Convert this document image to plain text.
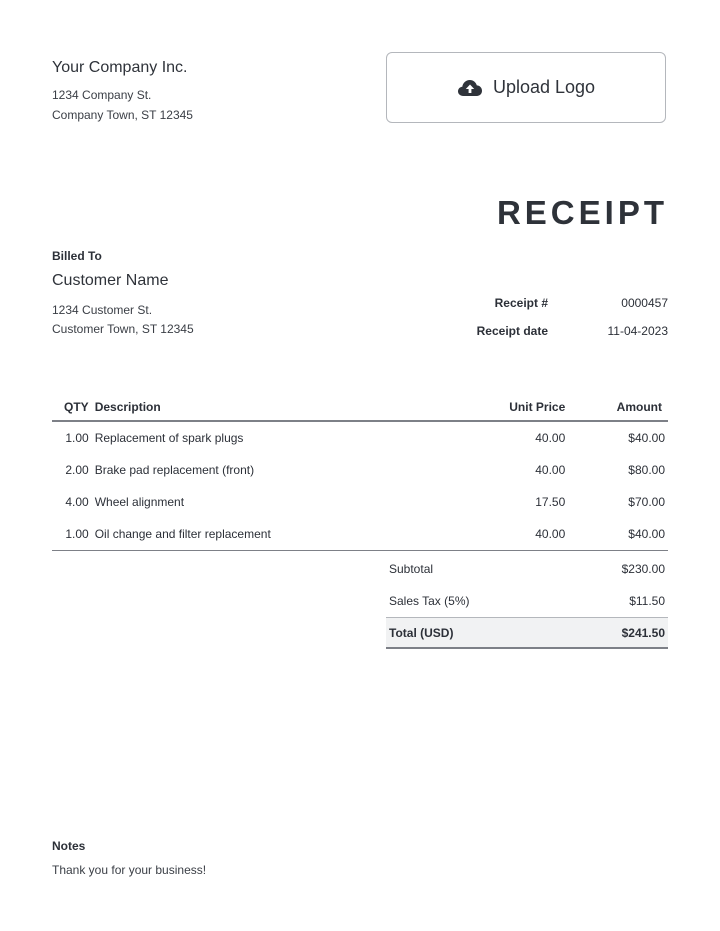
Your Company Inc.
1234 Company St.
Company Town, ST 12345
Upload Logo
RECEIPT
Billed To
Customer Name
1234 Customer St.
Customer Town, ST 12345
Receipt #	0000457
Receipt date	11-04-2023
QTY	Description	Unit Price	Amount
1.00	Replacement of spark plugs	40.00	$40.00
2.00	Brake pad replacement (front)	40.00	$80.00
4.00	Wheel alignment	17.50	$70.00
1.00	Oil change and filter replacement	40.00	$40.00
Subtotal	$230.00
Sales Tax (5%)	$11.50
Total (USD)	$241.50
Notes
Thank you for your business!
